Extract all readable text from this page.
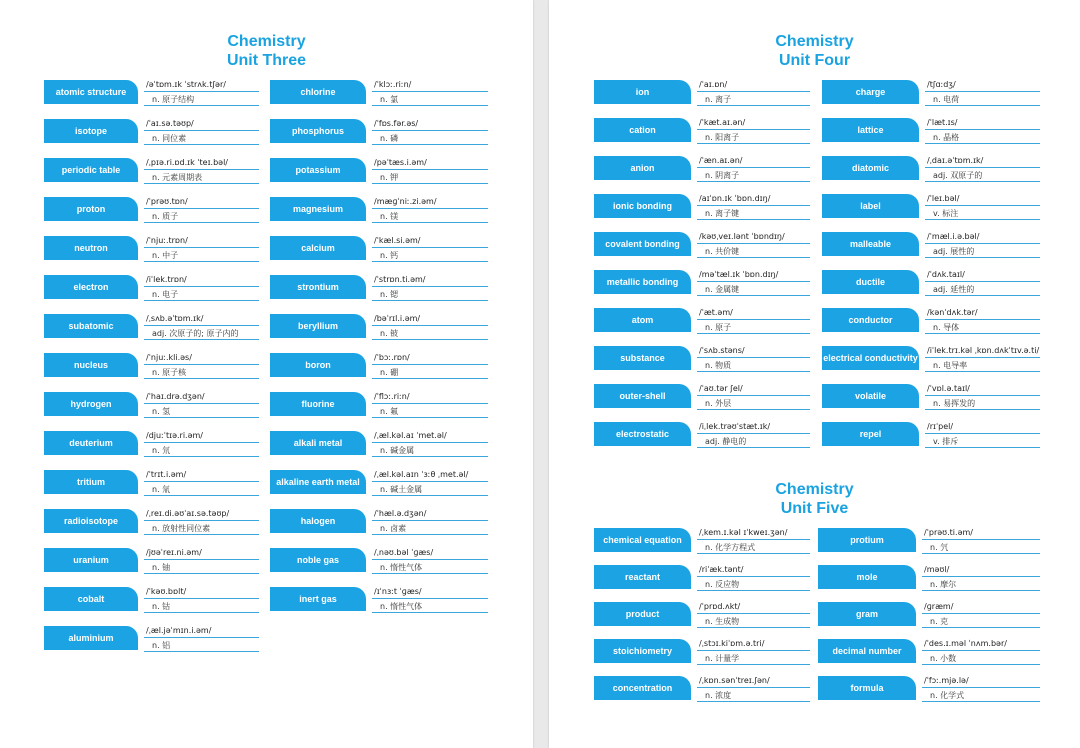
Chemistry
Unit Three
atomic structure
/əˈtɒm.ɪk ˈstrʌk.tʃər/
n. 原子结构
isotope
/ˈaɪ.sə.təʊp/
n. 同位素
periodic table
/ˌpɪə.ri.ɒd.ɪk ˈteɪ.bəl/
n. 元素周期表
proton
/ˈprəʊ.tɒn/
n. 质子
neutron
/ˈnjuː.trɒn/
n. 中子
electron
/iˈlek.trɒn/
n. 电子
subatomic
/ˌsʌb.əˈtɒm.ɪk/
adj. 次原子的; 原子内的
nucleus
/ˈnjuː.kli.əs/
n. 原子核
hydrogen
/ˈhaɪ.drə.dʒən/
n. 氢
deuterium
/djuːˈtɪə.ri.əm/
n. 氘
tritium
/ˈtrɪt.i.əm/
n. 氚
radioisotope
/ˌreɪ.di.əʊˈaɪ.sə.təʊp/
n. 放射性同位素
uranium
/jʊəˈreɪ.ni.əm/
n. 铀
cobalt
/ˈkəʊ.bɒlt/
n. 钴
aluminium
/ˌæl.jəˈmɪn.i.əm/
n. 铝
chlorine
/ˈklɔː.riːn/
n. 氯
phosphorus
/ˈfɒs.fər.əs/
n. 磷
potassium
/pəˈtæs.i.əm/
n. 钾
magnesium
/mæɡˈniː.zi.əm/
n. 镁
calcium
/ˈkæl.si.əm/
n. 钙
strontium
/ˈstrɒn.ti.əm/
n. 锶
beryllium
/bəˈrɪl.i.əm/
n. 铍
boron
/ˈbɔː.rɒn/
n. 硼
fluorine
/ˈflɔː.riːn/
n. 氟
alkali metal
/ˌæl.kəl.aɪ ˈmet.əl/
n. 碱金属
alkaline earth metal
/ˌæl.kəl.aɪn ˈɜːθ ˌmet.əl/
n. 碱土金属
halogen
/ˈhæl.ə.dʒən/
n. 卤素
noble gas
/ˌnəʊ.bəl ˈɡæs/
n. 惰性气体
inert gas
/ɪˈnɜːt ˈɡæs/
n. 惰性气体
Chemistry
Unit Four
ion
/ˈaɪ.ɒn/
n. 离子
cation
/ˈkæt.aɪ.ən/
n. 阳离子
anion
/ˈæn.aɪ.ən/
n. 阴离子
ionic bonding
/aɪˈɒn.ɪk ˈbɒn.dɪŋ/
n. 离子键
covalent bonding
/kəʊˌveɪ.lənt ˈbɒndɪŋ/
n. 共价键
metallic bonding
/məˈtæl.ɪk ˈbɒn.dɪŋ/
n. 金属键
atom
/ˈæt.əm/
n. 原子
substance
/ˈsʌb.stəns/
n. 物质
outer-shell
/ˈaʊ.tər ʃel/
n. 外层
electrostatic
/iˌlek.trəʊˈstæt.ɪk/
adj. 静电的
charge
/tʃɑːdʒ/
n. 电荷
lattice
/ˈlæt.ɪs/
n. 晶格
diatomic
/ˌdaɪ.əˈtɒm.ɪk/
adj. 双原子的
label
/ˈleɪ.bəl/
v. 标注
malleable
/ˈmæl.i.ə.bəl/
adj. 展性的
ductile
/ˈdʌk.taɪl/
adj. 延性的
conductor
/kənˈdʌk.tər/
n. 导体
electrical conductivity
/iˈlek.trɪ.kəl ˌkɒn.dʌkˈtɪv.ə.ti/
n. 电导率
volatile
/ˈvɒl.ə.taɪl/
n. 易挥发的
repel
/rɪˈpel/
v. 排斥
Chemistry
Unit Five
chemical equation
/ˌkem.ɪ.kəl ɪˈkweɪ.ʒən/
n. 化学方程式
reactant
/riˈæk.tənt/
n. 反应物
product
/ˈprɒd.ʌkt/
n. 生成物
stoichiometry
/ˌstɔɪ.kiˈɒm.ə.tri/
n. 计量学
concentration
/ˌkɒn.sənˈtreɪ.ʃən/
n. 浓度
protium
/ˈprəʊ.ti.əm/
n. 氕
mole
/məʊl/
n. 摩尔
gram
/ɡræm/
n. 克
decimal number
/ˈdes.ɪ.məl ˈnʌm.bər/
n. 小数
formula
/ˈfɔː.mjə.lə/
n. 化学式
